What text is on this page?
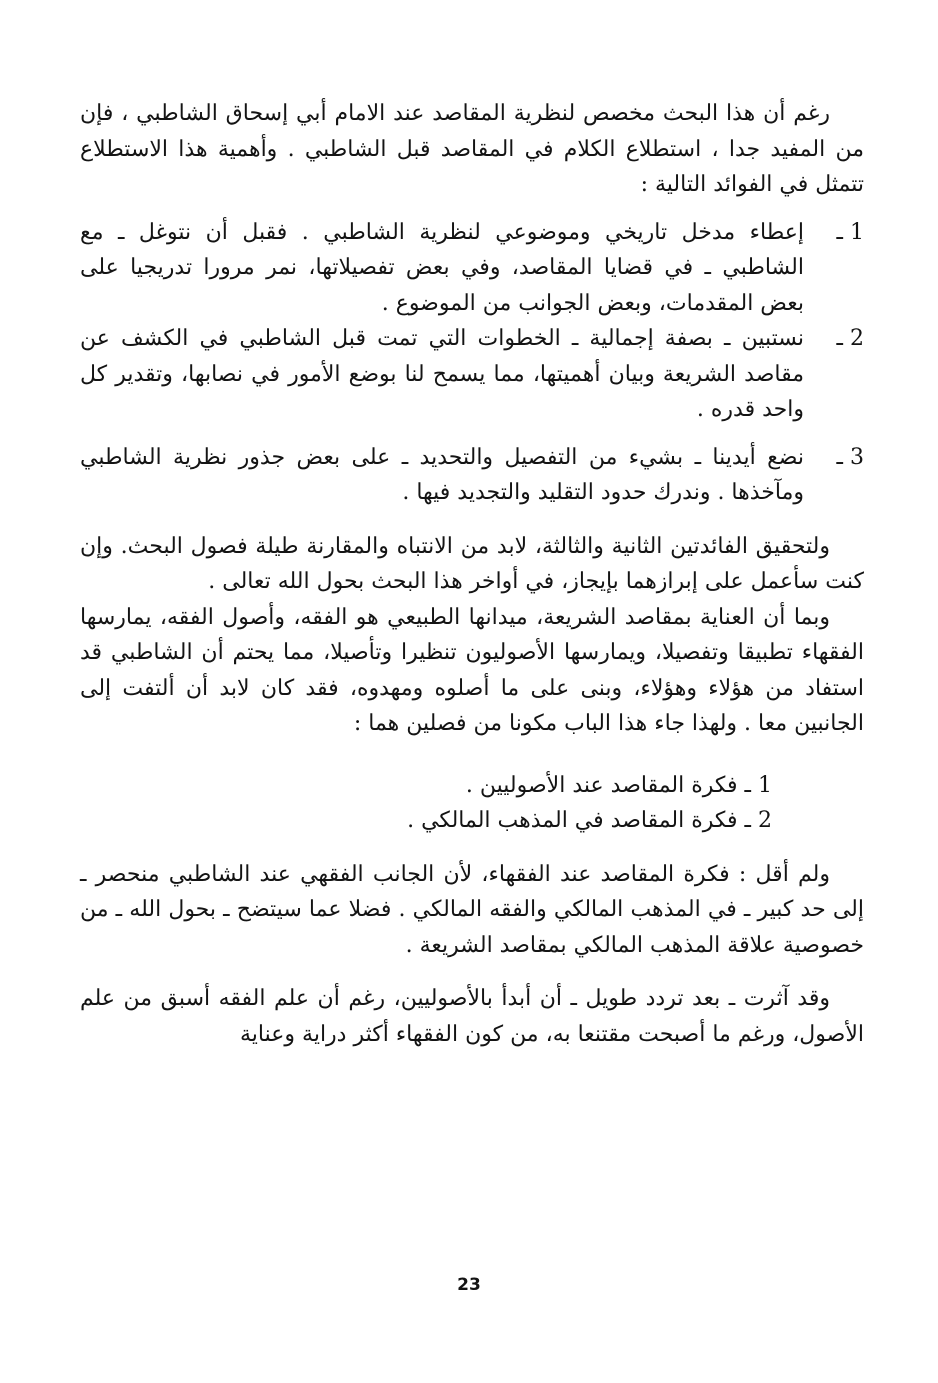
رغم أن هذا البحث مخصص لنظرية المقاصد عند الامام أبي إسحاق الشاطبي ، فإن من المفيد جدا ، استطلاع الكلام في المقاصد قبل الشاطبي . وأهمية هذا الاستطلاع تتمثل في الفوائد التالية :

1 ـ
إعطاء مدخل تاريخي وموضوعي لنظرية الشاطبي . فقبل أن نتوغل ـ مع الشاطبي ـ في قضايا المقاصد، وفي بعض تفصيلاتها، نمر مرورا تدريجيا على بعض المقدمات، وبعض الجوانب من الموضوع .
2 ـ
نستبين ـ بصفة إجمالية ـ الخطوات التي تمت قبل الشاطبي في الكشف عن مقاصد الشريعة وبيان أهميتها، مما يسمح لنا بوضع الأمور في نصابها، وتقدير كل واحد قدره .
3 ـ
نضع أيدينا ـ بشيء من التفصيل والتحديد ـ على بعض جذور نظرية الشاطبي ومآخذها . وندرك حدود التقليد والتجديد فيها .

ولتحقيق الفائدتين الثانية والثالثة، لابد من الانتباه والمقارنة طيلة فصول البحث. وإن كنت سأعمل على إبرازهما بإيجاز، في أواخر هذا البحث بحول الله تعالى .

وبما أن العناية بمقاصد الشريعة، ميدانها الطبيعي هو الفقه، وأصول الفقه، يمارسها الفقهاء تطبيقا وتفصيلا، ويمارسها الأصوليون تنظيرا وتأصيلا، مما يحتم أن الشاطبي قد استفاد من هؤلاء وهؤلاء، وبنى على ما أصلوه ومهدوه، فقد كان لابد أن ألتفت إلى الجانبين معا . ولهذا جاء هذا الباب مكونا من فصلين هما :

1 ـ فكرة المقاصد عند الأصوليين .

2 ـ فكرة المقاصد في المذهب المالكي .

ولم أقل : فكرة المقاصد عند الفقهاء، لأن الجانب الفقهي عند الشاطبي منحصر ـ إلى حد كبير ـ في المذهب المالكي والفقه المالكي . فضلا عما سيتضح ـ بحول الله ـ من خصوصية علاقة المذهب المالكي بمقاصد الشريعة .

وقد آثرت ـ بعد تردد طويل ـ أن أبدأ بالأصوليين، رغم أن علم الفقه أسبق من علم الأصول، ورغم ما أصبحت مقتنعا به، من كون الفقهاء أكثر دراية وعناية

23
